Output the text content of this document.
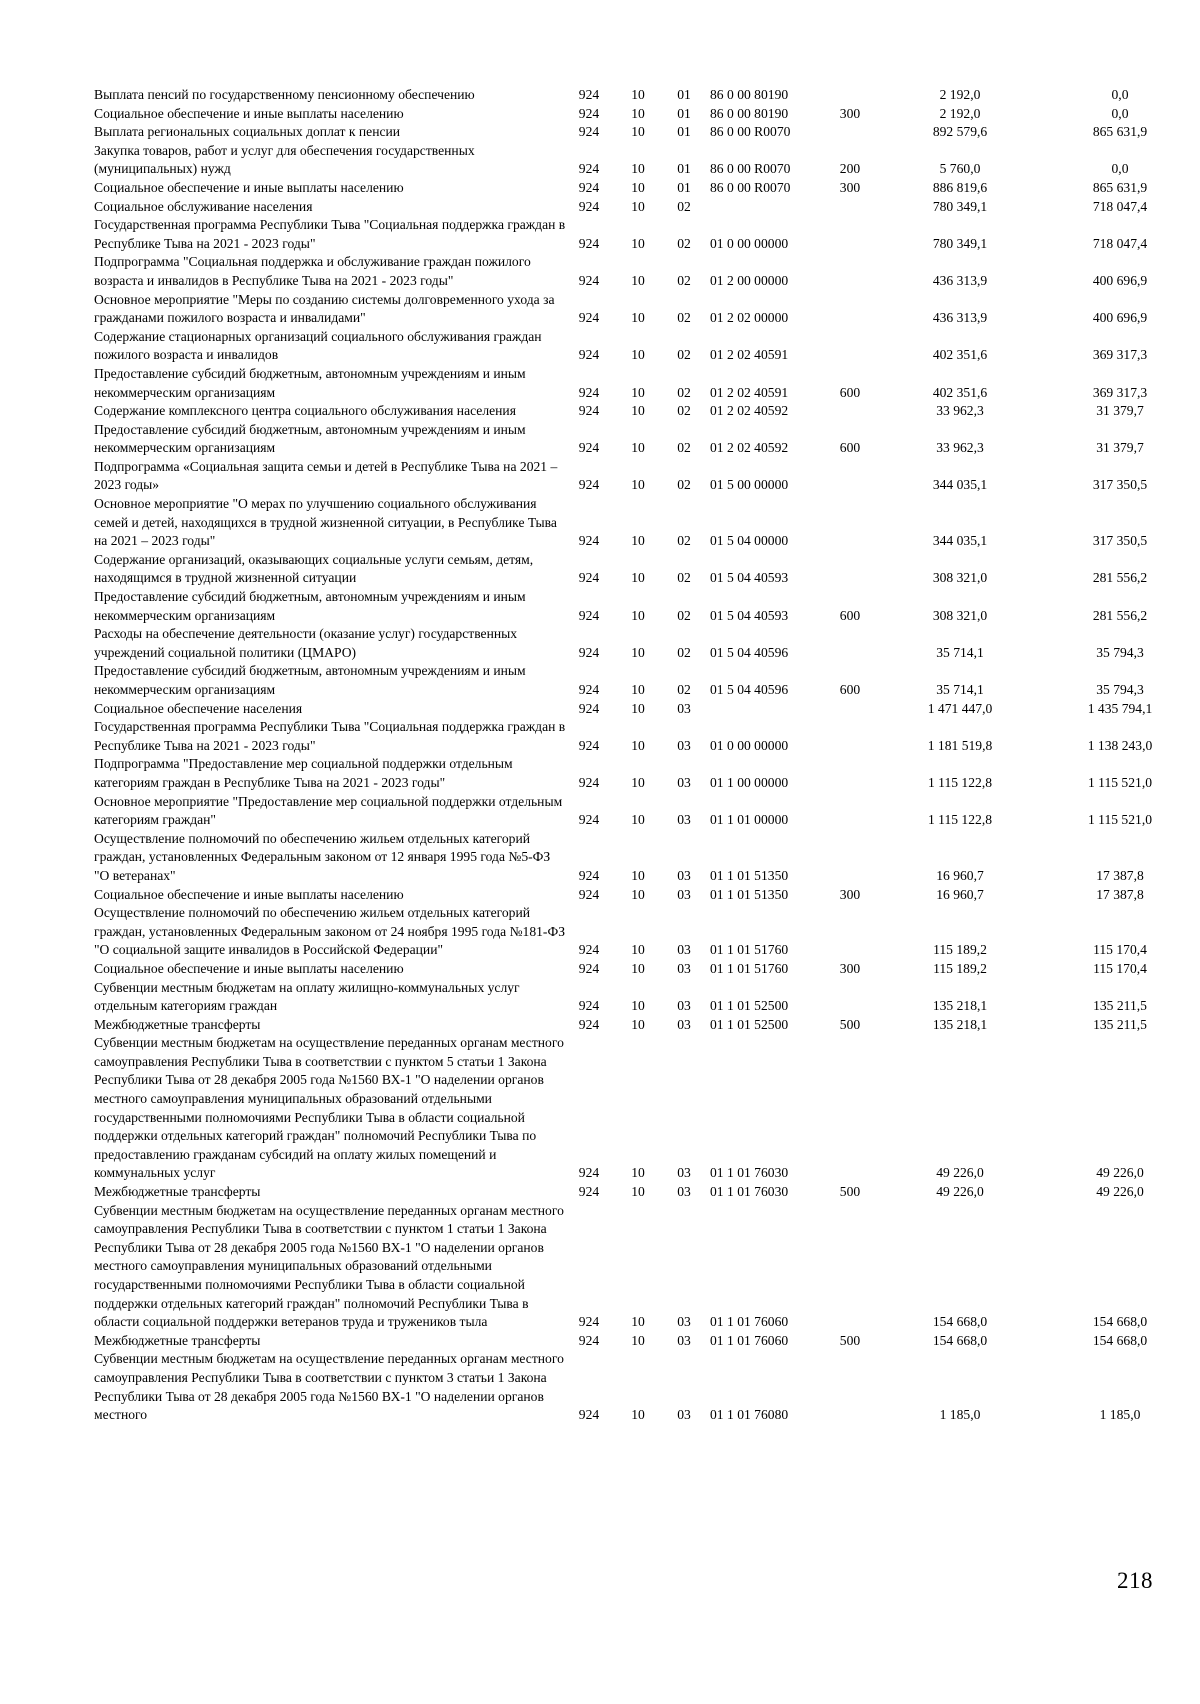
Выплата пенсий по государственному пенсионному обеспечению	924	10	01	86 0 00 80190		2 192,0	0,0
Социальное обеспечение и иные выплаты населению	924	10	01	86 0 00 80190	300	2 192,0	0,0
Выплата региональных социальных доплат к пенсии	924	10	01	86 0 00 R0070		892 579,6	865 631,9
Закупка товаров, работ и услуг для обеспечения государственных (муниципальных) нужд	924	10	01	86 0 00 R0070	200	5 760,0	0,0
Социальное обеспечение и иные выплаты населению	924	10	01	86 0 00 R0070	300	886 819,6	865 631,9
Социальное обслуживание населения	924	10	02			780 349,1	718 047,4
Государственная программа Республики Тыва "Социальная поддержка граждан в Республике Тыва на 2021 - 2023 годы"	924	10	02	01 0 00 00000		780 349,1	718 047,4
Подпрограмма "Социальная поддержка и обслуживание граждан пожилого возраста и инвалидов в Республике Тыва на 2021 - 2023 годы"	924	10	02	01 2 00 00000		436 313,9	400 696,9
Основное мероприятие "Меры по созданию системы долговременного ухода за гражданами пожилого возраста и инвалидами"	924	10	02	01 2 02 00000		436 313,9	400 696,9
Содержание стационарных организаций социального обслуживания граждан пожилого возраста и инвалидов	924	10	02	01 2 02 40591		402 351,6	369 317,3
Предоставление субсидий бюджетным, автономным учреждениям и иным некоммерческим организациям	924	10	02	01 2 02 40591	600	402 351,6	369 317,3
Содержание комплексного центра социального обслуживания населения	924	10	02	01 2 02 40592		33 962,3	31 379,7
Предоставление субсидий бюджетным, автономным учреждениям и иным некоммерческим организациям	924	10	02	01 2 02 40592	600	33 962,3	31 379,7
Подпрограмма «Социальная защита семьи и детей в Республике Тыва на 2021 – 2023 годы»	924	10	02	01 5 00 00000		344 035,1	317 350,5
Основное мероприятие "О мерах по улучшению социального обслуживания семей и детей, находящихся в трудной жизненной ситуации, в Республике Тыва на 2021 – 2023 годы"	924	10	02	01 5 04 00000		344 035,1	317 350,5
Содержание организаций, оказывающих социальные услуги семьям, детям, находящимся в трудной жизненной ситуации	924	10	02	01 5 04 40593		308 321,0	281 556,2
Предоставление субсидий бюджетным, автономным учреждениям и иным некоммерческим организациям	924	10	02	01 5 04 40593	600	308 321,0	281 556,2
Расходы на обеспечение деятельности (оказание услуг) государственных учреждений социальной политики (ЦМАРО)	924	10	02	01 5 04 40596		35 714,1	35 794,3
Предоставление субсидий бюджетным, автономным учреждениям и иным некоммерческим организациям	924	10	02	01 5 04 40596	600	35 714,1	35 794,3
Социальное обеспечение населения	924	10	03			1 471 447,0	1 435 794,1
Государственная программа Республики Тыва "Социальная поддержка граждан в Республике Тыва на 2021 - 2023 годы"	924	10	03	01 0 00 00000		1 181 519,8	1 138 243,0
Подпрограмма "Предоставление мер социальной поддержки отдельным категориям граждан в Республике Тыва на 2021 - 2023 годы"	924	10	03	01 1 00 00000		1 115 122,8	1 115 521,0
Основное мероприятие "Предоставление мер социальной поддержки отдельным категориям граждан"	924	10	03	01 1 01 00000		1 115 122,8	1 115 521,0
Осуществление полномочий по обеспечению жильем отдельных категорий граждан, установленных Федеральным законом от 12 января 1995 года №5-ФЗ "О ветеранах"	924	10	03	01 1 01 51350		16 960,7	17 387,8
Социальное обеспечение и иные выплаты населению	924	10	03	01 1 01 51350	300	16 960,7	17 387,8
Осуществление полномочий по обеспечению жильем отдельных категорий граждан, установленных Федеральным законом от 24 ноября 1995 года №181-ФЗ "О социальной защите инвалидов в Российской Федерации"	924	10	03	01 1 01 51760		115 189,2	115 170,4
Социальное обеспечение и иные выплаты населению	924	10	03	01 1 01 51760	300	115 189,2	115 170,4
Субвенции местным бюджетам на оплату жилищно-коммунальных услуг отдельным категориям граждан	924	10	03	01 1 01 52500		135 218,1	135 211,5
Межбюджетные трансферты	924	10	03	01 1 01 52500	500	135 218,1	135 211,5
Субвенции местным бюджетам на осуществление переданных органам местного самоуправления Республики Тыва в соответствии с пунктом 5 статьи 1 Закона Республики Тыва от 28 декабря 2005 года №1560 ВХ-1 "О наделении органов местного самоуправления муниципальных образований отдельными государственными полномочиями Республики Тыва в области социальной поддержки отдельных категорий граждан" полномочий Республики Тыва по предоставлению гражданам субсидий на оплату жилых помещений и коммунальных услуг	924	10	03	01 1 01 76030		49 226,0	49 226,0
Межбюджетные трансферты	924	10	03	01 1 01 76030	500	49 226,0	49 226,0
Субвенции местным бюджетам на осуществление переданных органам местного самоуправления Республики Тыва в соответствии с пунктом 1 статьи 1 Закона Республики Тыва от 28 декабря 2005 года №1560 ВХ-1 "О наделении органов местного самоуправления муниципальных образований отдельными государственными полномочиями Республики Тыва в области социальной поддержки отдельных категорий граждан" полномочий Республики Тыва в области социальной поддержки ветеранов труда и тружеников тыла	924	10	03	01 1 01 76060		154 668,0	154 668,0
Межбюджетные трансферты	924	10	03	01 1 01 76060	500	154 668,0	154 668,0
Субвенции местным бюджетам на осуществление переданных органам местного самоуправления Республики Тыва в соответствии с пунктом 3 статьи 1 Закона Республики Тыва от 28 декабря 2005 года №1560 ВХ-1 "О наделении органов местного	924	10	03	01 1 01 76080		1 185,0	1 185,0
218
